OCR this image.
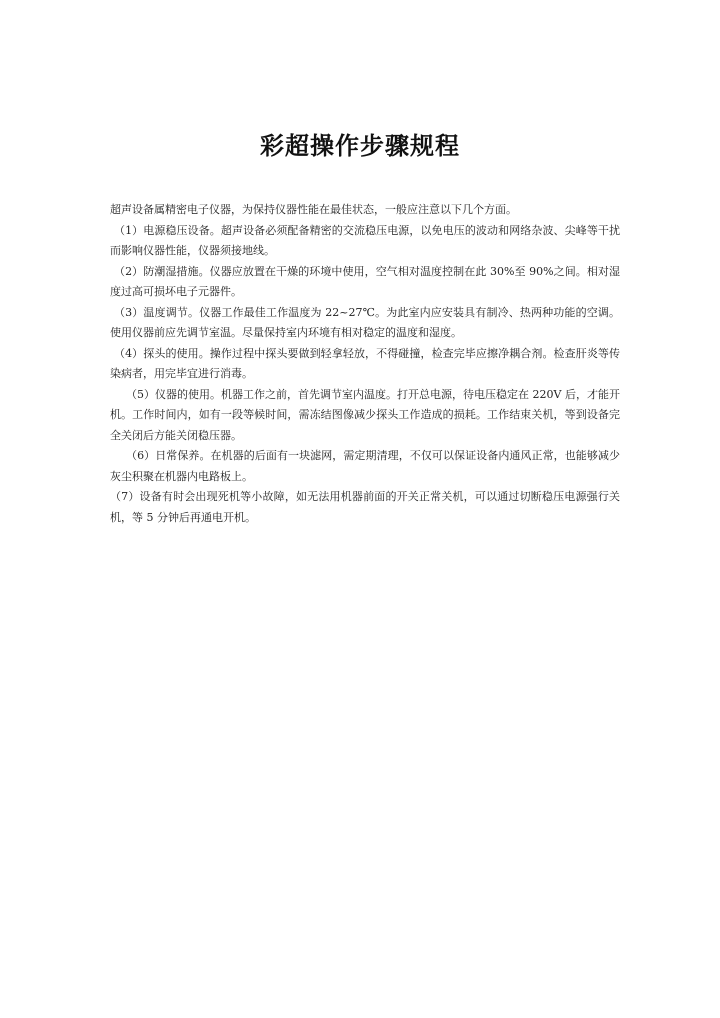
彩超操作步骤规程

超声设备属精密电子仪器，为保持仪器性能在最佳状态，一般应注意以下几个方面。

（1）电源稳压设备。超声设备必须配备精密的交流稳压电源，以免电压的波动和网络杂波、尖峰等干扰而影响仪器性能，仪器须接地线。

（2）防潮湿措施。仪器应放置在干燥的环境中使用，空气相对温度控制在此 30%至 90%之间。相对湿度过高可损坏电子元器件。

（3）温度调节。仪器工作最佳工作温度为 22~27℃。为此室内应安装具有制冷、热两种功能的空调。使用仪器前应先调节室温。尽量保持室内环境有相对稳定的温度和湿度。

（4）探头的使用。操作过程中探头要做到轻拿轻放，不得碰撞，检查完毕应擦净耦合剂。检查肝炎等传染病者，用完毕宜进行消毒。

（5）仪器的使用。机器工作之前，首先调节室内温度。打开总电源，待电压稳定在 220V 后，才能开机。工作时间内，如有一段等候时间，需冻结图像减少探头工作造成的损耗。工作结束关机，等到设备完全关闭后方能关闭稳压器。

（6）日常保养。在机器的后面有一块滤网，需定期清理，不仅可以保证设备内通风正常，也能够减少灰尘积聚在机器内电路板上。

（7）设备有时会出现死机等小故障，如无法用机器前面的开关正常关机，可以通过切断稳压电源强行关机，等 5 分钟后再通电开机。
